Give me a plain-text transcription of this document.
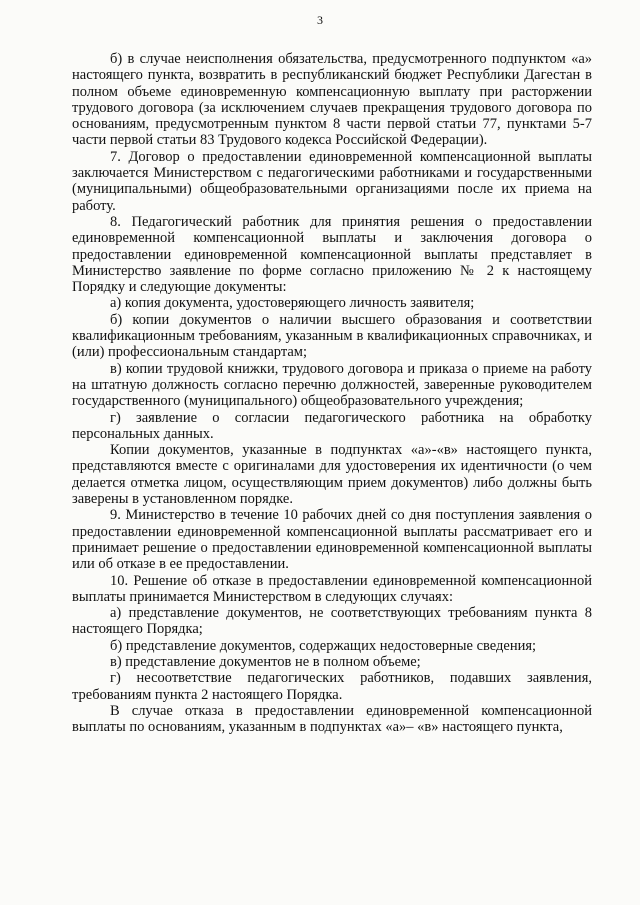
3

б) в случае неисполнения обязательства, предусмотренного подпунктом «а» настоящего пункта, возвратить в республиканский бюджет Республики Дагестан в полном объеме единовременную компенсационную выплату при расторжении трудового договора (за исключением случаев прекращения трудового договора по основаниям, предусмотренным пунктом 8 части первой статьи 77, пунктами 5-7 части первой статьи 83 Трудового кодекса Российской Федерации).

7. Договор о предоставлении единовременной компенсационной выплаты заключается Министерством с педагогическими работниками и государственными (муниципальными) общеобразовательными организациями после их приема на работу.

8. Педагогический работник для принятия решения о предоставлении единовременной компенсационной выплаты и заключения договора о предоставлении единовременной компенсационной выплаты представляет в Министерство заявление по форме согласно приложению № 2 к настоящему Порядку и следующие документы:

а) копия документа, удостоверяющего личность заявителя;

б) копии документов о наличии высшего образования и соответствии квалификационным требованиям, указанным в квалификационных справочниках, и (или) профессиональным стандартам;

в) копии трудовой книжки, трудового договора и приказа о приеме на работу на штатную должность согласно перечню должностей, заверенные руководителем государственного (муниципального) общеобразовательного учреждения;

г) заявление о согласии педагогического работника на обработку персональных данных.

Копии документов, указанные в подпунктах «а»-«в» настоящего пункта, представляются вместе с оригиналами для удостоверения их идентичности (о чем делается отметка лицом, осуществляющим прием документов) либо должны быть заверены в установленном порядке.

9. Министерство в течение 10 рабочих дней со дня поступления заявления о предоставлении единовременной компенсационной выплаты рассматривает его и принимает решение о предоставлении единовременной компенсационной выплаты или об отказе в ее предоставлении.

10. Решение об отказе в предоставлении единовременной компенсационной выплаты принимается Министерством в следующих случаях:

а) представление документов, не соответствующих требованиям пункта 8 настоящего Порядка;

б) представление документов, содержащих недостоверные сведения;

в) представление документов не в полном объеме;

г) несоответствие педагогических работников, подавших заявления, требованиям пункта 2 настоящего Порядка.

В случае отказа в предоставлении единовременной компенсационной выплаты по основаниям, указанным в подпунктах «а»– «в» настоящего пункта,
